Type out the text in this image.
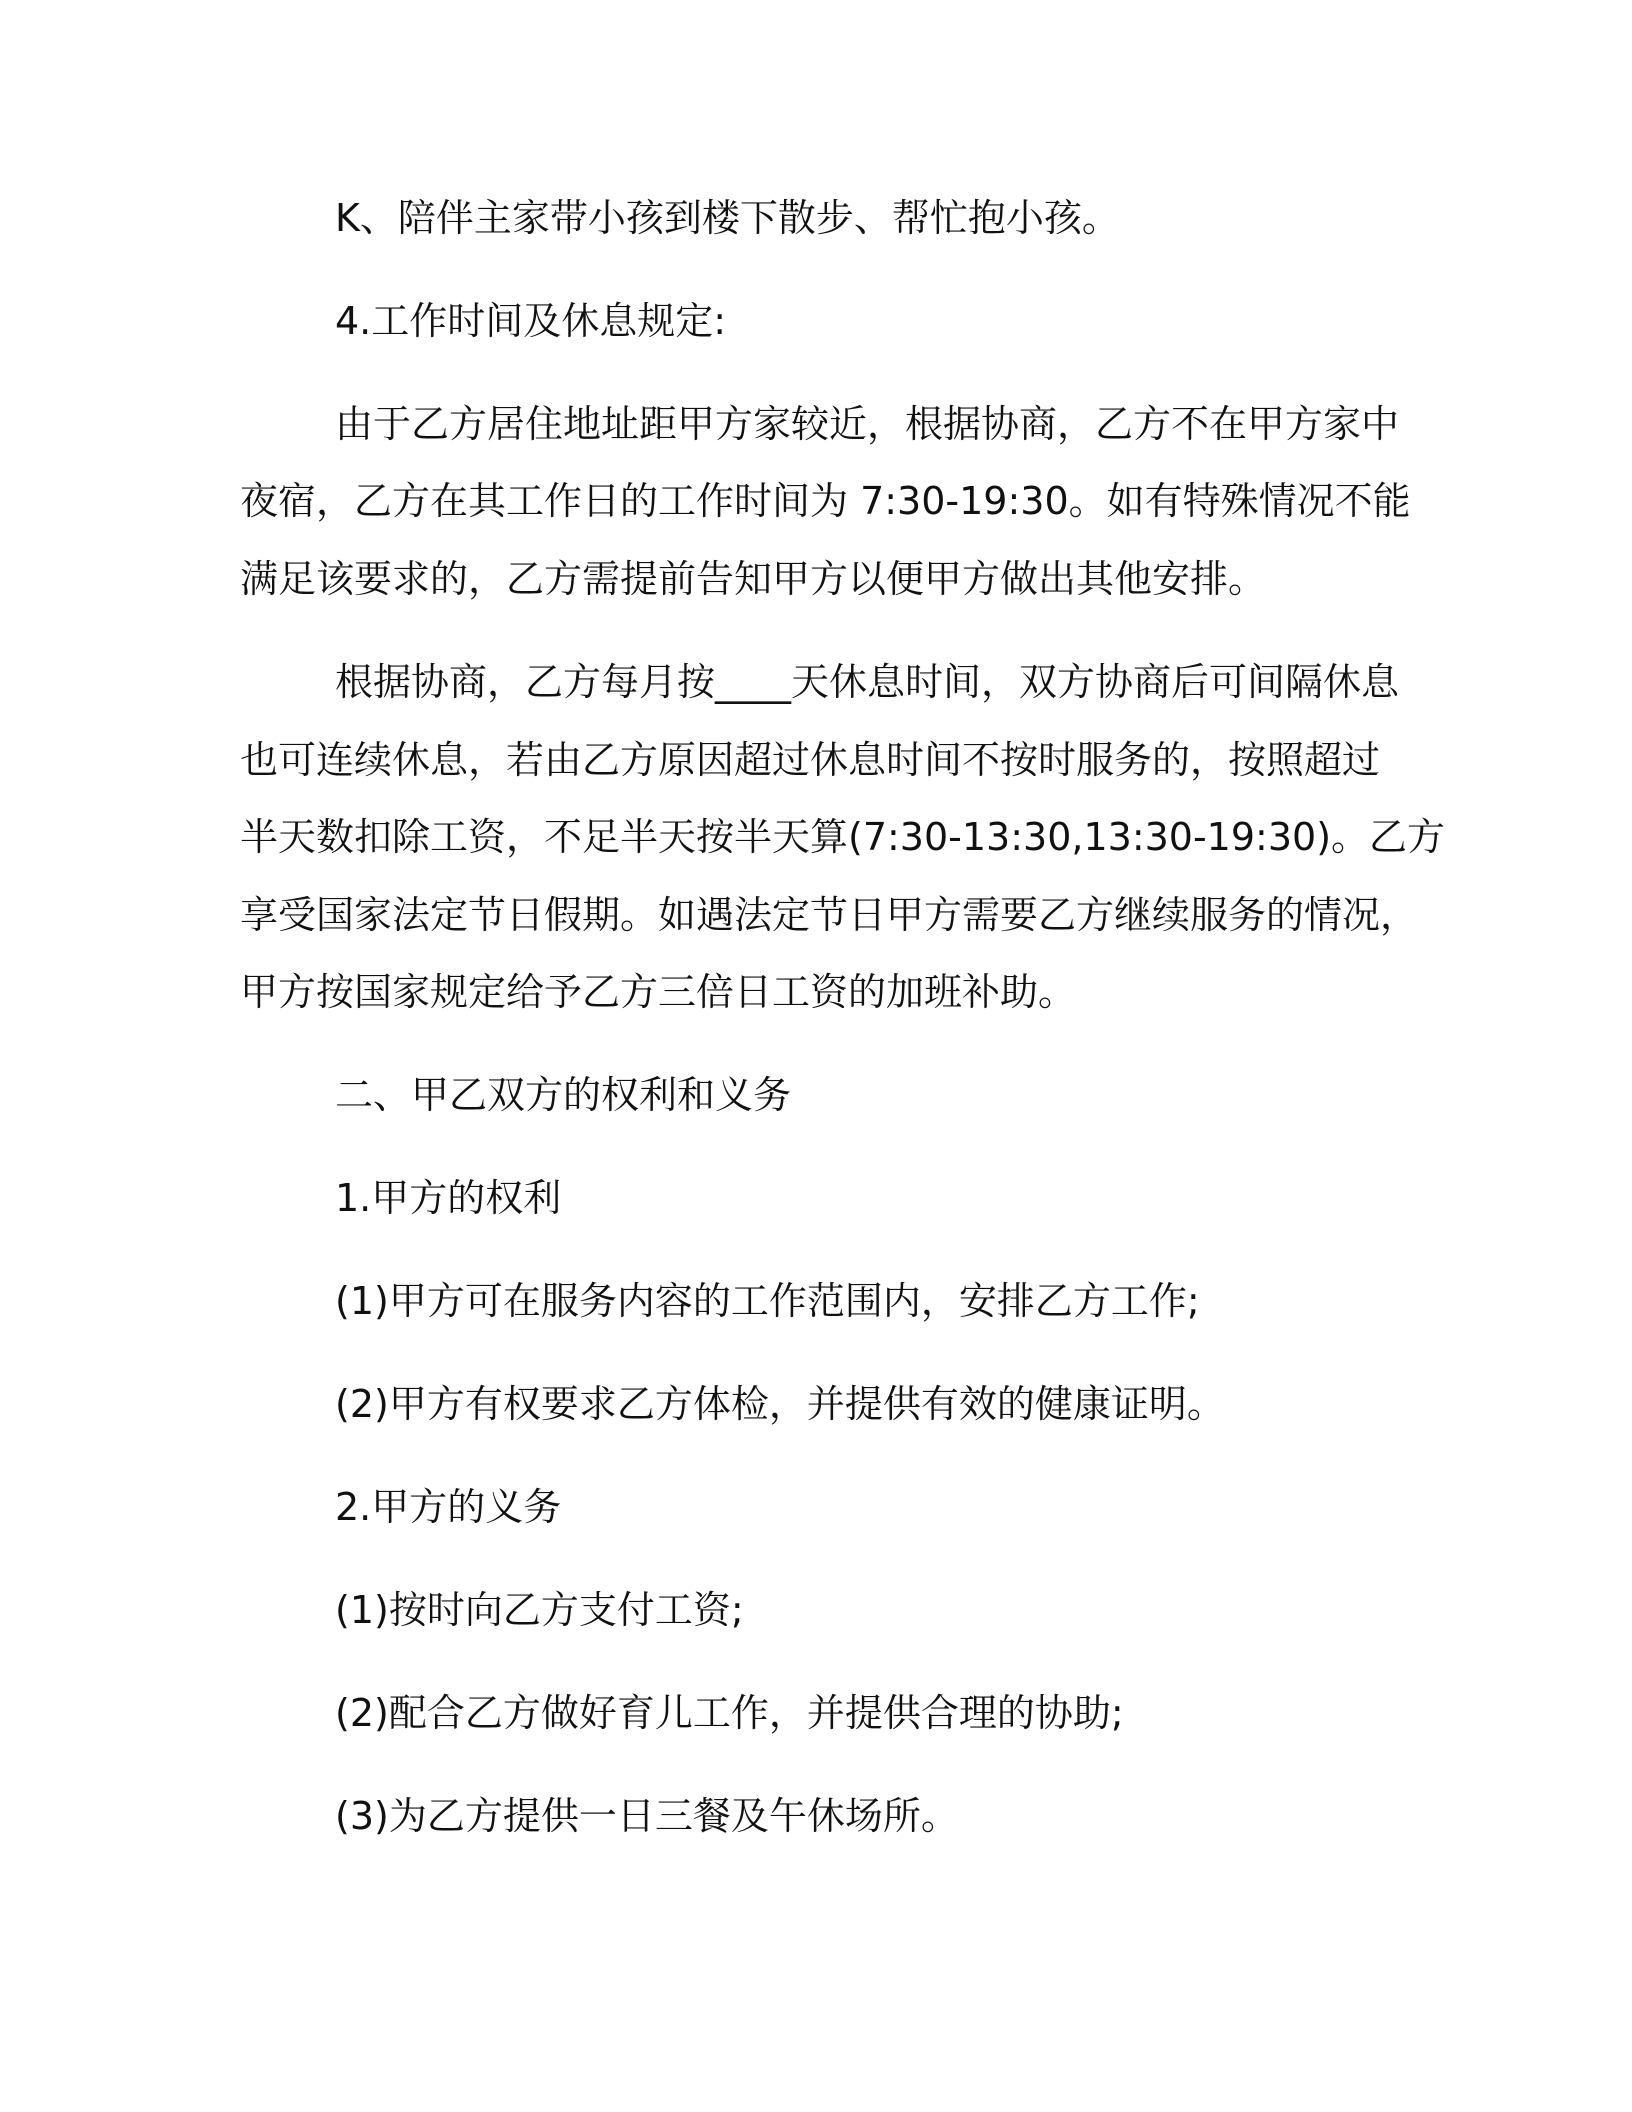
K、陪伴主家带小孩到楼下散步、帮忙抱小孩。
4.工作时间及休息规定:
由于乙方居住地址距甲方家较近，根据协商，乙方不在甲方家中
夜宿，乙方在其工作日的工作时间为 7:30-19:30。如有特殊情况不能
满足该要求的，乙方需提前告知甲方以便甲方做出其他安排。
根据协商，乙方每月按____天休息时间，双方协商后可间隔休息
也可连续休息，若由乙方原因超过休息时间不按时服务的，按照超过
半天数扣除工资，不足半天按半天算(7:30-13:30,13:30-19:30)。乙方
享受国家法定节日假期。如遇法定节日甲方需要乙方继续服务的情况，
甲方按国家规定给予乙方三倍日工资的加班补助。
二、甲乙双方的权利和义务
1.甲方的权利
(1)甲方可在服务内容的工作范围内，安排乙方工作;
(2)甲方有权要求乙方体检，并提供有效的健康证明。
2.甲方的义务
(1)按时向乙方支付工资;
(2)配合乙方做好育儿工作，并提供合理的协助;
(3)为乙方提供一日三餐及午休场所。
